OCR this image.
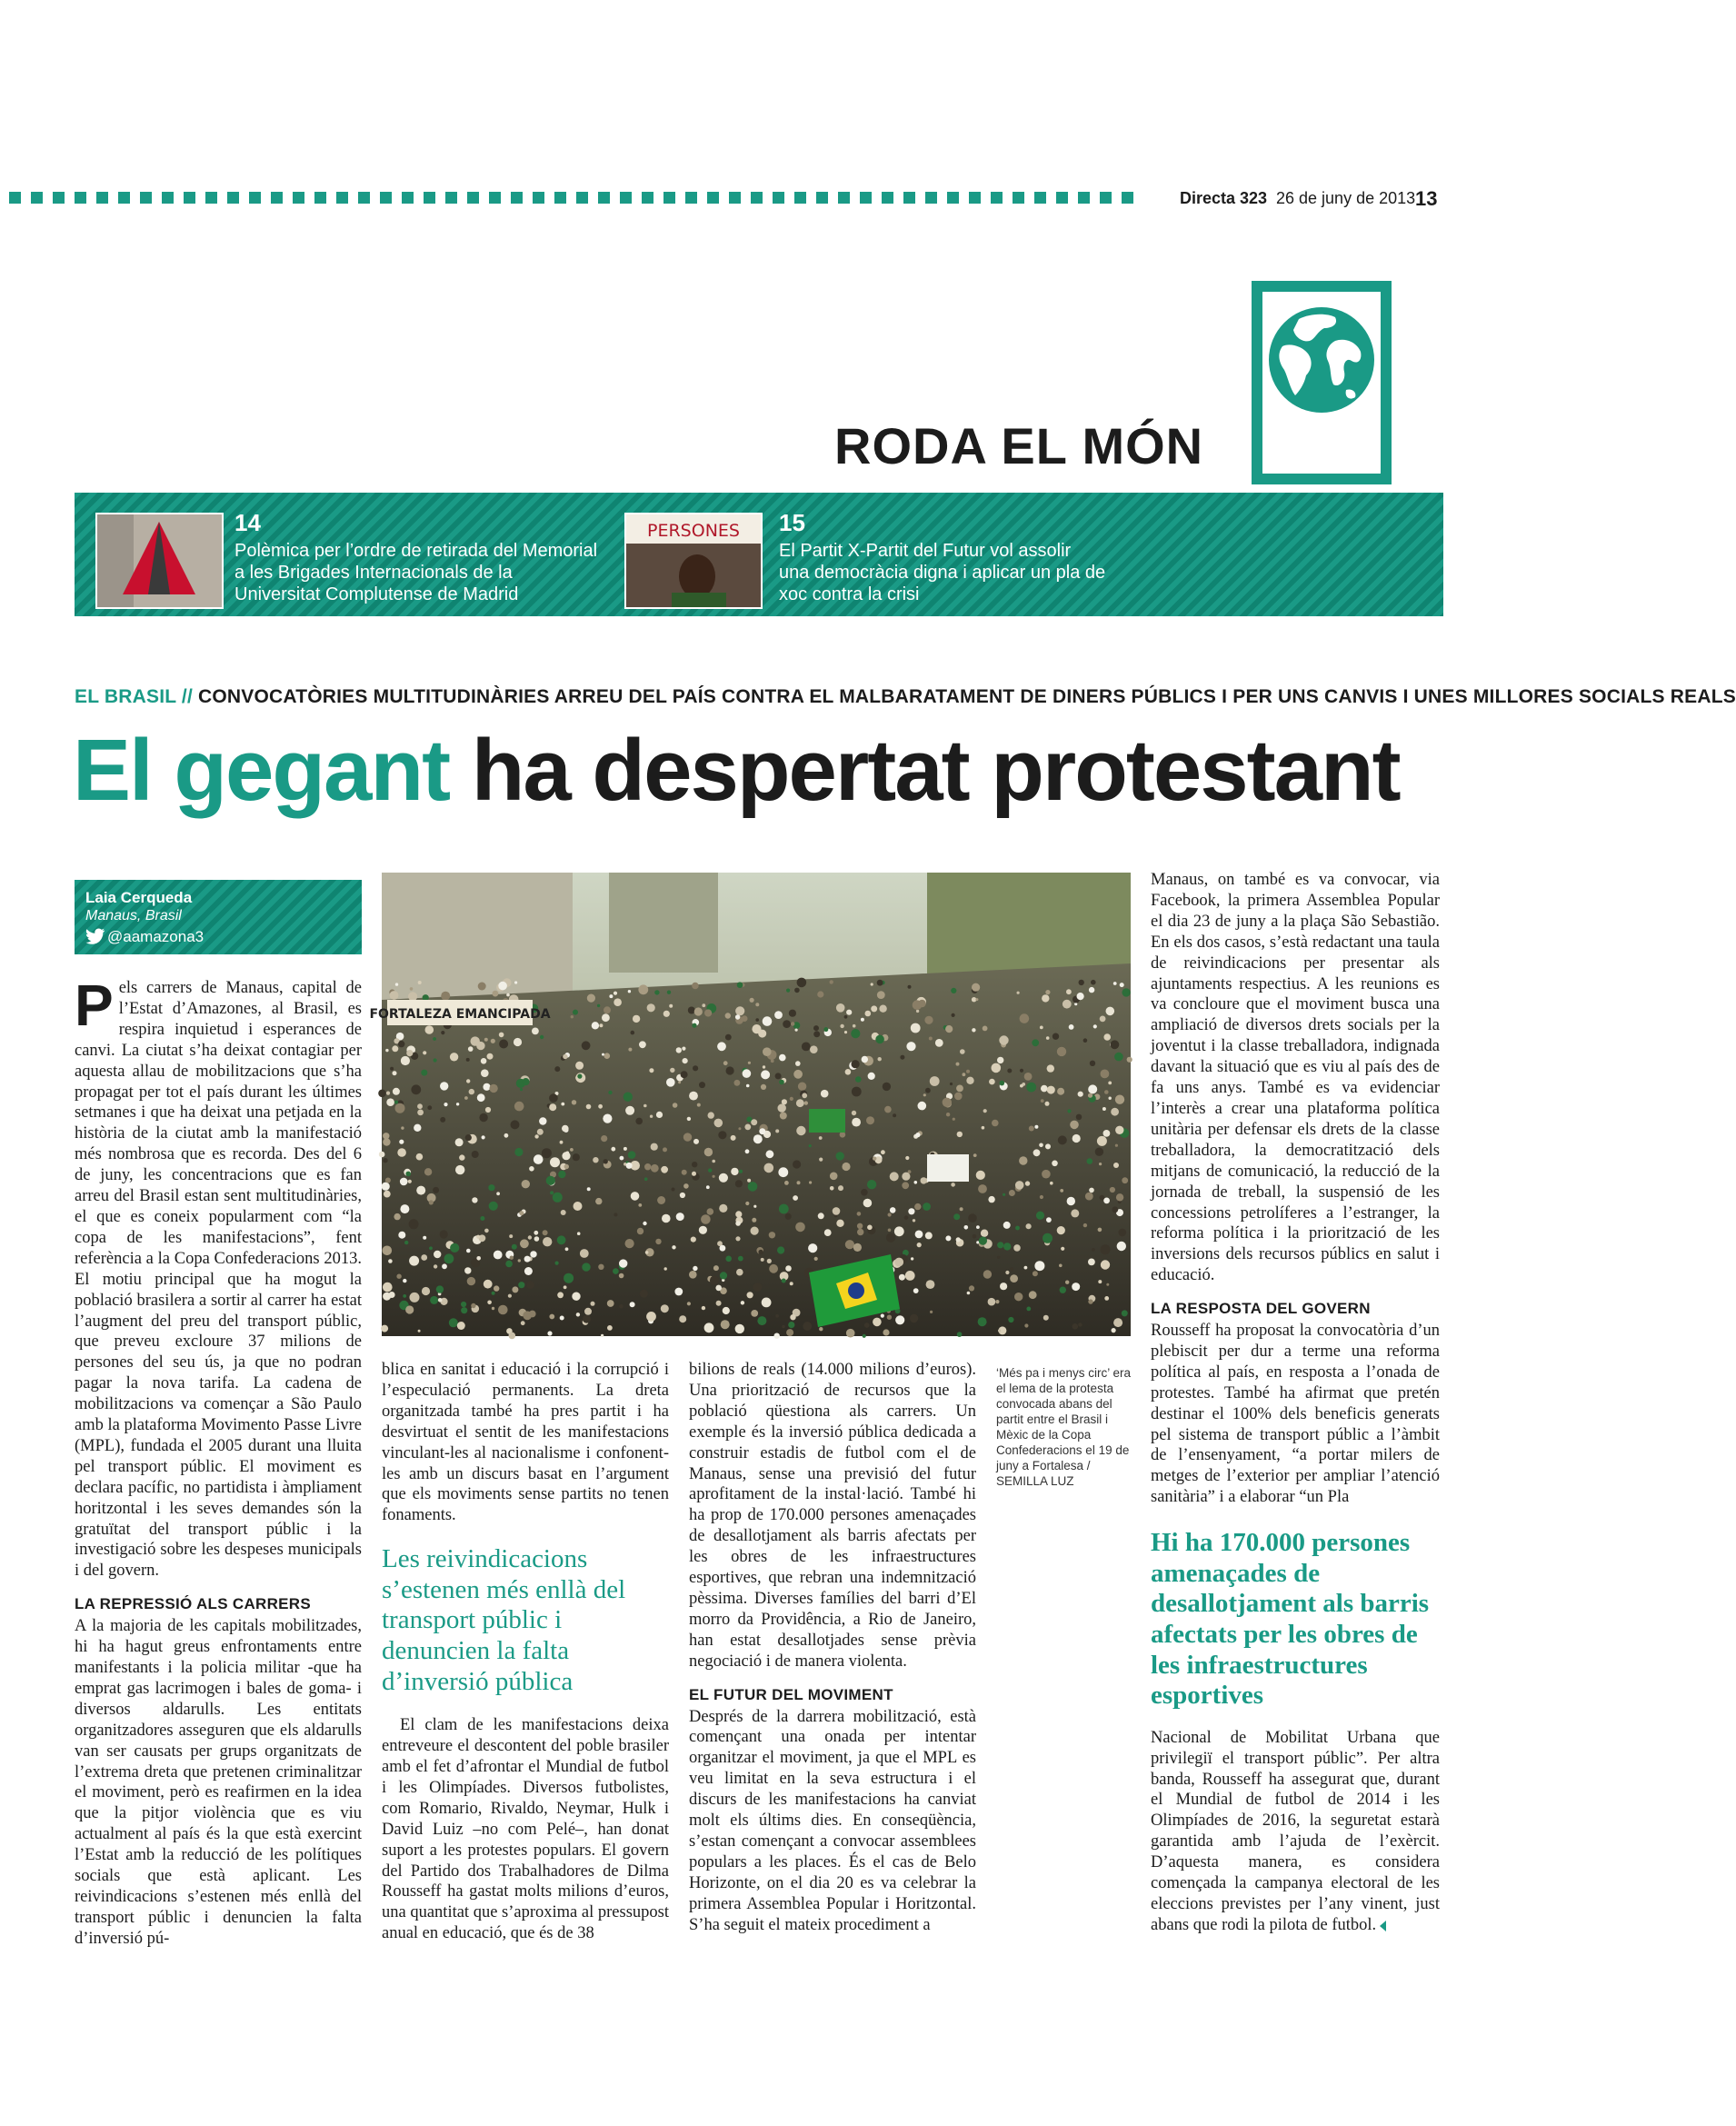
Directa 323 26 de juny de 2013 13
RODA EL MÓN
14
Polèmica per l’ordre de retirada del Memorial a les Brigades Internacionals de la Universitat Complutense de Madrid
PERSONES 15
El Partit X-Partit del Futur vol assolir una democràcia digna i aplicar un pla de xoc contra la crisi
EL BRASIL // CONVOCATÒRIES MULTITUDINÀRIES ARREU DEL PAÍS CONTRA EL MALBARATAMENT DE DINERS PÚBLICS I PER UNS CANVIS I UNES MILLORES SOCIALS REALS
El gegant ha despertat protestant
Laia Cerqueda
Manaus, Brasil
@aamazona3

Pels carrers de Manaus, capital de l’Estat d’Amazones, al Brasil, es respira inquietud i esperances de canvi. La ciutat s’ha deixat contagiar per aquesta allau de mobilitzacions que s’ha propagat per tot el país durant les últimes setmanes i que ha deixat una petjada en la història de la ciutat amb la manifestació més nombrosa que es recorda. Des del 6 de juny, les concentracions que es fan arreu del Brasil estan sent multitudinàries, el que es coneix popularment com “la copa de les manifestacions”, fent referència a la Copa Confederacions 2013. El motiu principal que ha mogut la població brasilera a sortir al carrer ha estat l’augment del preu del transport públic, que preveu excloure 37 milions de persones del seu ús, ja que no podran pagar la nova tarifa. La cadena de mobilitzacions va començar a São Paulo amb la plataforma Movimento Passe Livre (MPL), fundada el 2005 durant una lluita pel transport públic. El moviment es declara pacífic, no partidista i àmpliament horitzontal i les seves demandes són la gratuïtat del transport públic i la investigació sobre les despeses municipals i del govern.

LA REPRESSIÓ ALS CARRERS

A la majoria de les capitals mobilitzades, hi ha hagut greus enfrontaments entre manifestants i la policia militar -que ha emprat gas lacrimogen i bales de goma- i diversos aldarulls. Les entitats organitzadores asseguren que els aldarulls van ser causats per grups organitzats de l’extrema dreta que pretenen criminalitzar el moviment, però es reafirmen en la idea que la pitjor violència que es viu actualment al país és la que està exercint l’Estat amb la reducció de les polítiques socials que està aplicant. Les reivindicacions s’estenen més enllà del transport públic i denuncien la falta d’inversió pú-

FORTALEZA EMANCIPADA
‘Més pa i menys circ’ era el lema de la protesta convocada abans del partit entre el Brasil i Mèxic de la Copa Confederacions el 19 de juny a Fortalesa / SEMILLA LUZ

blica en sanitat i educació i la corrupció i l’especulació permanents. La dreta organitzada també ha pres partit i ha desvirtuat el sentit de les manifestacions vinculant-les al nacionalisme i confonent-les amb un discurs basat en l’argument que els moviments sense partits no tenen fonaments.

Les reivindicacions s’estenen més enllà del transport públic i denuncien la falta d’inversió pública

El clam de les manifestacions deixa entreveure el descontent del poble brasiler amb el fet d’afrontar el Mundial de futbol i les Olimpíades. Diversos futbolistes, com Romario, Rivaldo, Neymar, Hulk i David Luiz –no com Pelé–, han donat suport a les protestes populars. El govern del Partido dos Trabalhadores de Dilma Rousseff ha gastat molts milions d’euros, una quantitat que s’aproxima al pressupost anual en educació, que és de 38

bilions de reals (14.000 milions d’euros). Una priorització de recursos que la població qüestiona als carrers. Un exemple és la inversió pública dedicada a construir estadis de futbol com el de Manaus, sense una previsió del futur aprofitament de la instal·lació. També hi ha prop de 170.000 persones amenaçades de desallotjament als barris afectats per les obres de les infraestructures esportives, que rebran una indemnització pèssima. Diverses famílies del barri d’El morro da Providência, a Rio de Janeiro, han estat desallotjades sense prèvia negociació i de manera violenta.

EL FUTUR DEL MOVIMENT

Després de la darrera mobilització, està començant una onada per intentar organitzar el moviment, ja que el MPL es veu limitat en la seva estructura i el discurs de les manifestacions ha canviat molt els últims dies. En conseqüència, s’estan començant a convocar assemblees populars a les places. És el cas de Belo Horizonte, on el dia 20 es va celebrar la primera Assemblea Popular i Horitzontal. S’ha seguit el mateix procediment a

Manaus, on també es va convocar, via Facebook, la primera Assemblea Popular el dia 23 de juny a la plaça São Sebastião. En els dos casos, s’està redactant una taula de reivindicacions per presentar als ajuntaments respectius. A les reunions es va concloure que el moviment busca una ampliació de diversos drets socials per la joventut i la classe treballadora, indignada davant la situació que es viu al país des de fa uns anys. També es va evidenciar l’interès a crear una plataforma política unitària per defensar els drets de la classe treballadora, la democratització dels mitjans de comunicació, la reducció de la jornada de treball, la suspensió de les concessions petrolíferes a l’estranger, la reforma política i la priorització de les inversions dels recursos públics en salut i educació.

LA RESPOSTA DEL GOVERN

Rousseff ha proposat la convocatòria d’un plebiscit per dur a terme una reforma política al país, en resposta a l’onada de protestes. També ha afirmat que pretén destinar el 100% dels beneficis generats pel sistema de transport públic a l’àmbit de l’ensenyament, “a portar milers de metges de l’exterior per ampliar l’atenció sanitària” i a elaborar “un Pla

Hi ha 170.000 persones amenaçades de desallotjament als barris afectats per les obres de les infraestructures esportives

Nacional de Mobilitat Urbana que privilegiï el transport públic”. Per altra banda, Rousseff ha assegurat que, durant el Mundial de futbol de 2014 i les Olimpíades de 2016, la seguretat estarà garantida amb l’ajuda de l’exèrcit. D’aquesta manera, es considera començada la campanya electoral de les eleccions previstes per l’any vinent, just abans que rodi la pilota de futbol.
